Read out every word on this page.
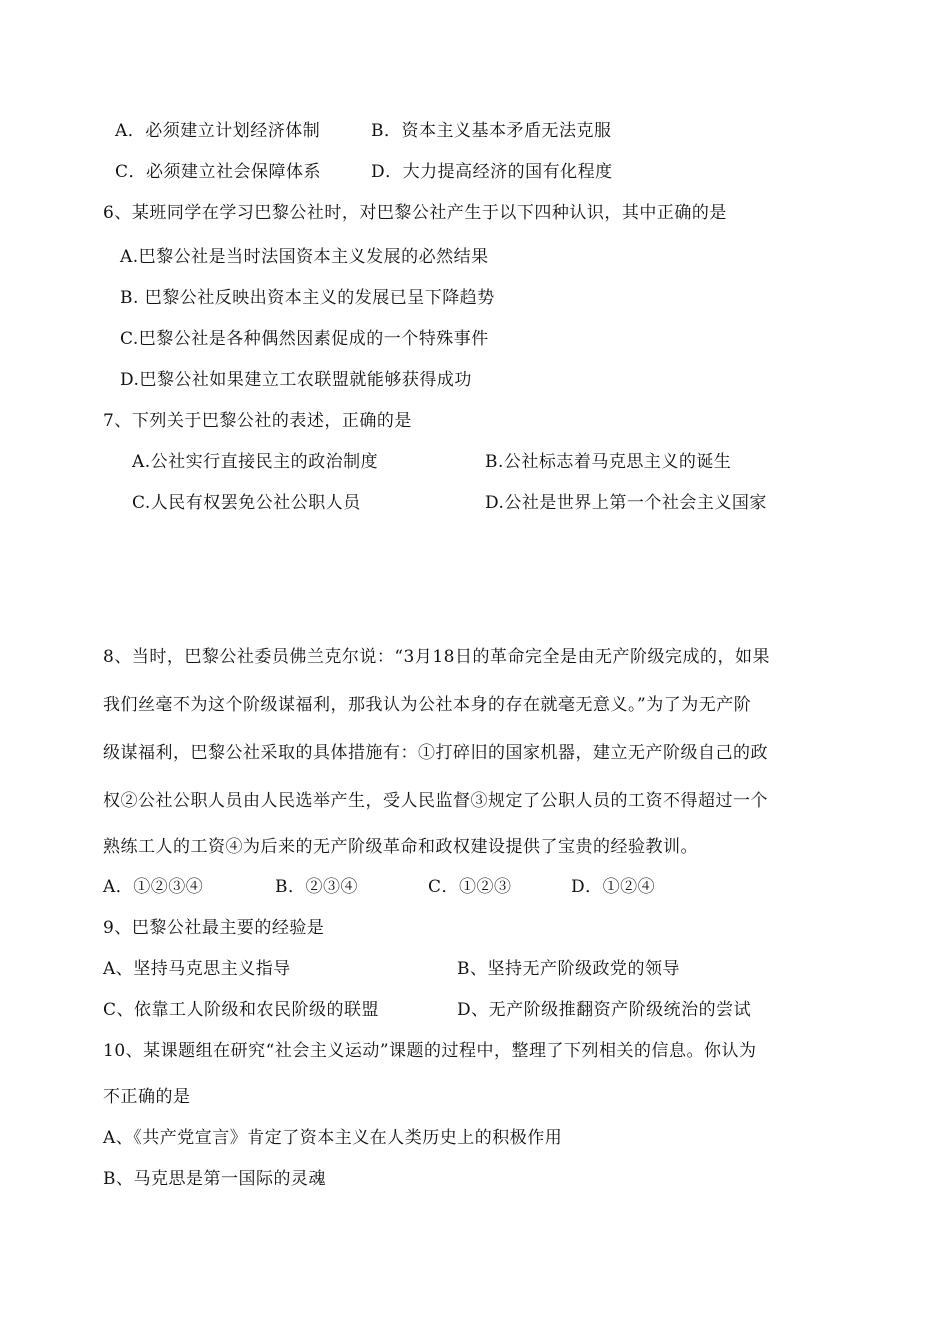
A．必须建立计划经济体制	B．资本主义基本矛盾无法克服
C．必须建立社会保障体系	D．大力提高经济的国有化程度
6、某班同学在学习巴黎公社时，对巴黎公社产生于以下四种认识，其中正确的是
A.巴黎公社是当时法国资本主义发展的必然结果
B. 巴黎公社反映出资本主义的发展已呈下降趋势
C.巴黎公社是各种偶然因素促成的一个特殊事件
D.巴黎公社如果建立工农联盟就能够获得成功
7、下列关于巴黎公社的表述，正确的是
A.公社实行直接民主的政治制度	B.公社标志着马克思主义的诞生
C.人民有权罢免公社公职人员	D.公社是世界上第一个社会主义国家
8、当时，巴黎公社委员佛兰克尔说：“3月18日的革命完全是由无产阶级完成的，如果
我们丝毫不为这个阶级谋福利，那我认为公社本身的存在就毫无意义。”为了为无产阶
级谋福利，巴黎公社采取的具体措施有：①打碎旧的国家机器，建立无产阶级自己的政
权②公社公职人员由人民选举产生，受人民监督③规定了公职人员的工资不得超过一个
熟练工人的工资④为后来的无产阶级革命和政权建设提供了宝贵的经验教训。
A．①②③④	B．②③④	C．①②③	D．①②④
9、巴黎公社最主要的经验是
A、坚持马克思主义指导	B、坚持无产阶级政党的领导
C、依靠工人阶级和农民阶级的联盟	D、无产阶级推翻资产阶级统治的尝试
10、某课题组在研究“社会主义运动”课题的过程中，整理了下列相关的信息。你认为
不正确的是
A、《共产党宣言》肯定了资本主义在人类历史上的积极作用
B、马克思是第一国际的灵魂
